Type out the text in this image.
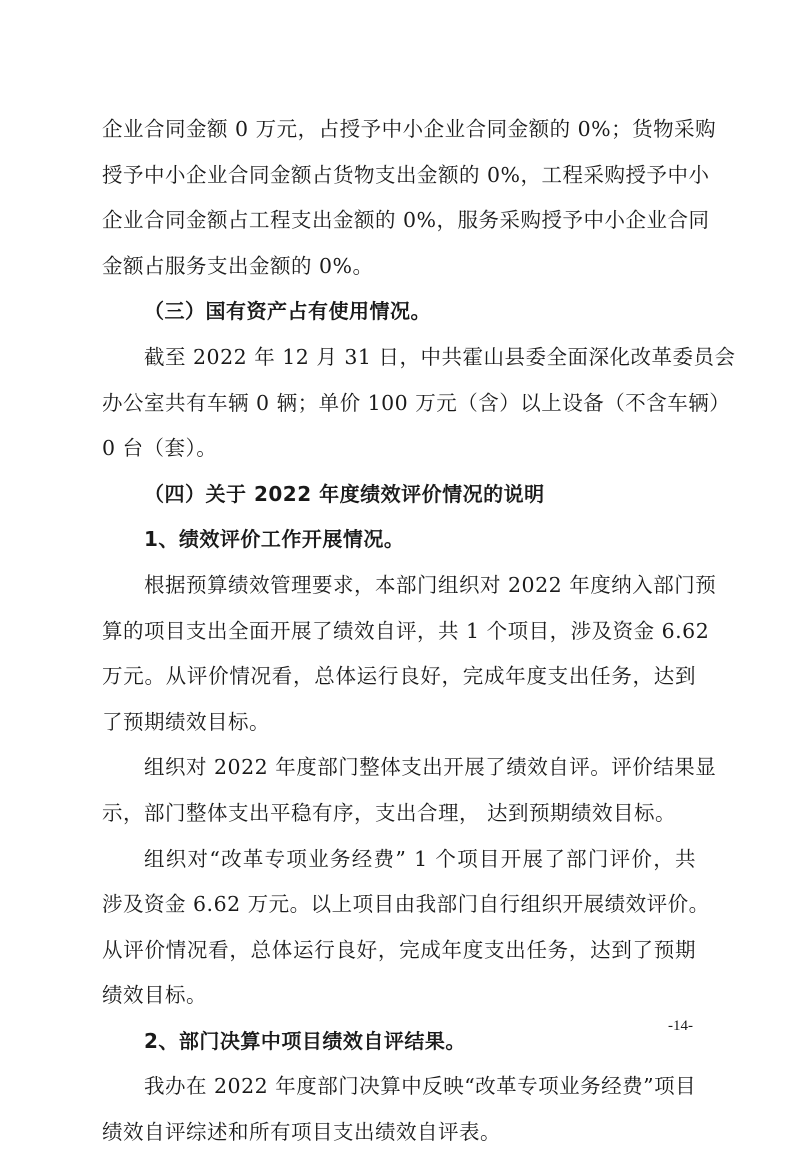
企业合同金额 0 万元，占授予中小企业合同金额的 0%；货物采购
授予中小企业合同金额占货物支出金额的 0%，工程采购授予中小
企业合同金额占工程支出金额的 0%，服务采购授予中小企业合同
金额占服务支出金额的 0%。
（三）国有资产占有使用情况。
截至 2022 年 12 月 31 日，中共霍山县委全面深化改革委员会
办公室共有车辆 0 辆；单价 100 万元（含）以上设备（不含车辆）
0 台（套）。
（四）关于 2022 年度绩效评价情况的说明
1、绩效评价工作开展情况。
根据预算绩效管理要求，本部门组织对 2022 年度纳入部门预
算的项目支出全面开展了绩效自评，共 1 个项目，涉及资金 6.62
万元。从评价情况看，总体运行良好，完成年度支出任务，达到
了预期绩效目标。
组织对 2022 年度部门整体支出开展了绩效自评。评价结果显
示，部门整体支出平稳有序，支出合理， 达到预期绩效目标。
组织对“改革专项业务经费” 1 个项目开展了部门评价，共
涉及资金 6.62 万元。以上项目由我部门自行组织开展绩效评价。
从评价情况看，总体运行良好，完成年度支出任务，达到了预期
绩效目标。
2、部门决算中项目绩效自评结果。
我办在 2022 年度部门决算中反映“改革专项业务经费”项目
绩效自评综述和所有项目支出绩效自评表。
-14-
